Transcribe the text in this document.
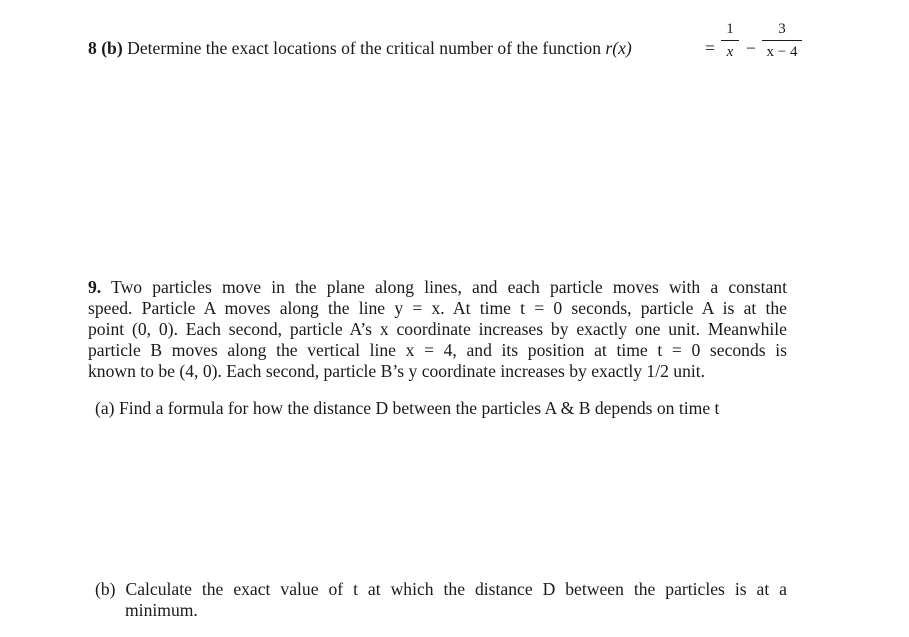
8 (b) Determine the exact locations of the critical number of the function r(x)	=
1
x −
3
x − 4
9. Two particles move in the plane along lines, and each particle moves with a constant
speed. Particle A moves along the line y = x. At time t = 0 seconds, particle A is at the
point (0, 0). Each second, particle A’s x coordinate increases by exactly one unit. Meanwhile
particle B moves along the vertical line x = 4, and its position at time t = 0 seconds is
known to be (4, 0). Each second, particle B’s y coordinate increases by exactly 1/2 unit.
(a) Find a formula for how the distance D between the particles A & B depends on time t
(b) Calculate the exact value of t at which the distance D between the particles is at a
minimum.
